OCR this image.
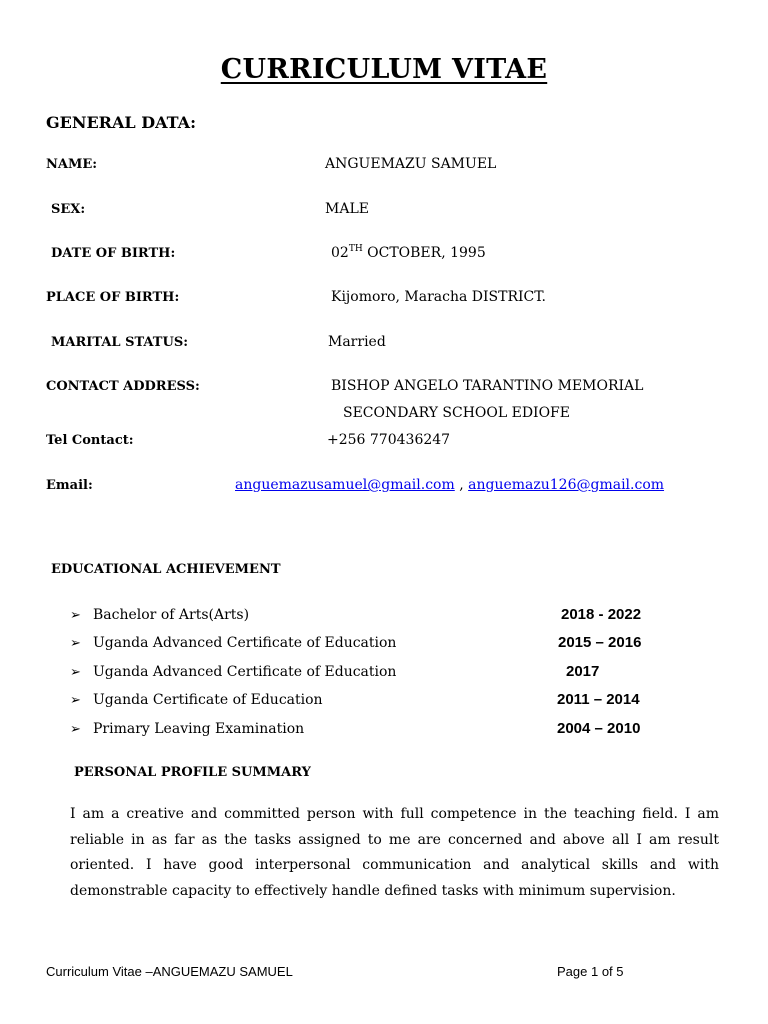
CURRICULUM VITAE
GENERAL DATA:
NAME:	ANGUEMAZU SAMUEL
SEX:	MALE
DATE OF BIRTH:	02TH OCTOBER, 1995
PLACE OF BIRTH:	Kijomoro, Maracha DISTRICT.
MARITAL STATUS:	Married
CONTACT ADDRESS:	BISHOP ANGELO TARANTINO MEMORIAL
SECONDARY SCHOOL EDIOFE
Tel Contact:	+256 770436247
Email:	anguemazusamuel@gmail.com , anguemazu126@gmail.com
EDUCATIONAL ACHIEVEMENT
➢ Bachelor of Arts(Arts)	2018 - 2022
➢ Uganda Advanced Certificate of Education	2015 – 2016
➢ Uganda Advanced Certificate of Education	2017
➢ Uganda Certificate of Education	2011 – 2014
➢ Primary Leaving Examination	2004 – 2010
PERSONAL PROFILE SUMMARY
I am a creative and committed person with full competence in the teaching field. I am reliable in as far as the tasks assigned to me are concerned and above all I am result oriented. I have good interpersonal communication and analytical skills and with demonstrable capacity to effectively handle defined tasks with minimum supervision.
Curriculum Vitae –ANGUEMAZU SAMUEL	Page 1 of 5
